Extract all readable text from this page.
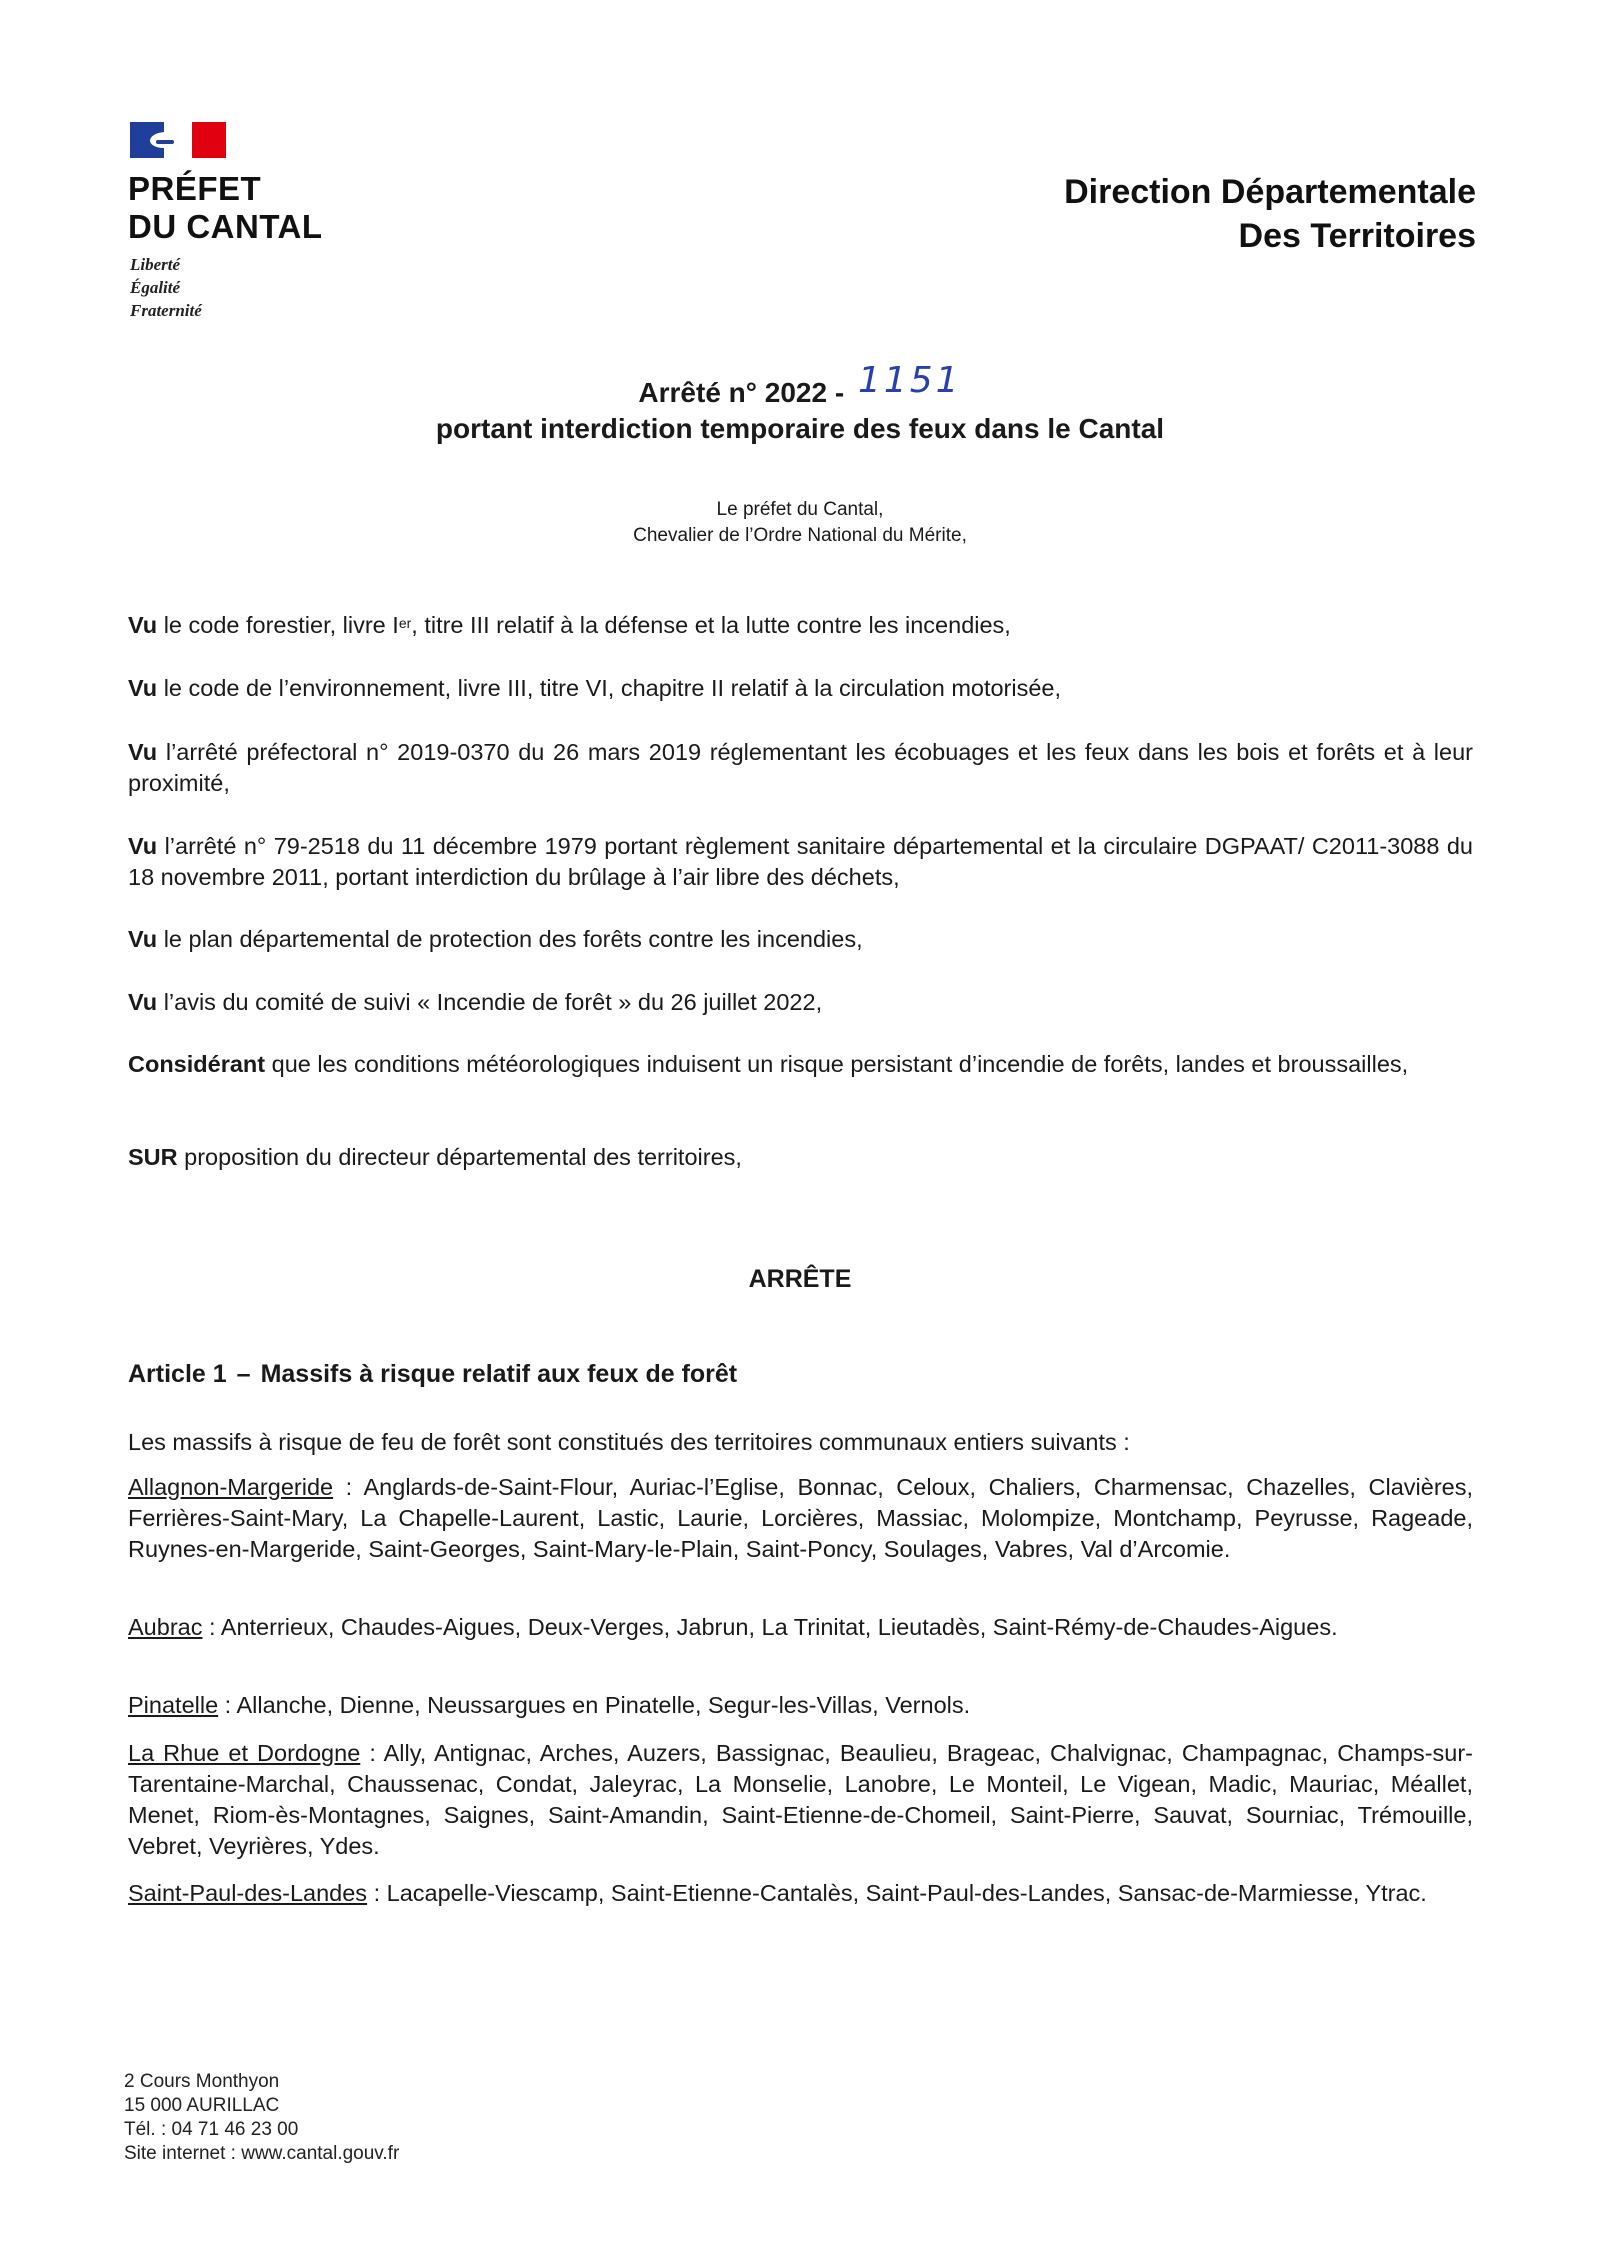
PRÉFET
DU CANTAL
Liberté
Égalité
Fraternité
Direction Départementale
Des Territoires
Arrêté n° 2022 - 1151
portant interdiction temporaire des feux dans le Cantal
Le préfet du Cantal,
Chevalier de l’Ordre National du Mérite,
Vu le code forestier, livre Ier, titre III relatif à la défense et la lutte contre les incendies,
Vu le code de l’environnement, livre III, titre VI, chapitre II relatif à la circulation motorisée,
Vu l’arrêté préfectoral n° 2019-0370 du 26 mars 2019 réglementant les écobuages et les feux dans les bois et forêts et à leur proximité,
Vu l’arrêté n° 79-2518 du 11 décembre 1979 portant règlement sanitaire départemental et la circulaire DGPAAT/ C2011-3088 du 18 novembre 2011, portant interdiction du brûlage à l’air libre des déchets,
Vu le plan départemental de protection des forêts contre les incendies,
Vu l’avis du comité de suivi « Incendie de forêt » du 26 juillet 2022,
Considérant que les conditions météorologiques induisent un risque persistant d’incendie de forêts, landes et broussailles,
SUR proposition du directeur départemental des territoires,
ARRÊTE
Article 1 – Massifs à risque relatif aux feux de forêt
Les massifs à risque de feu de forêt sont constitués des territoires communaux entiers suivants :
Allagnon-Margeride : Anglards-de-Saint-Flour, Auriac-l’Eglise, Bonnac, Celoux, Chaliers, Charmensac, Chazelles, Clavières, Ferrières-Saint-Mary, La Chapelle-Laurent, Lastic, Laurie, Lorcières, Massiac, Molompize, Montchamp, Peyrusse, Rageade, Ruynes-en-Margeride, Saint-Georges, Saint-Mary-le-Plain, Saint-Poncy, Soulages, Vabres, Val d’Arcomie.
Aubrac : Anterrieux, Chaudes-Aigues, Deux-Verges, Jabrun, La Trinitat, Lieutadès, Saint-Rémy-de-Chaudes-Aigues.
Pinatelle : Allanche, Dienne, Neussargues en Pinatelle, Segur-les-Villas, Vernols.
La Rhue et Dordogne : Ally, Antignac, Arches, Auzers, Bassignac, Beaulieu, Brageac, Chalvignac, Champagnac, Champs-sur-Tarentaine-Marchal, Chaussenac, Condat, Jaleyrac, La Monselie, Lanobre, Le Monteil, Le Vigean, Madic, Mauriac, Méallet, Menet, Riom-ès-Montagnes, Saignes, Saint-Amandin, Saint-Etienne-de-Chomeil, Saint-Pierre, Sauvat, Sourniac, Trémouille, Vebret, Veyrières, Ydes.
Saint-Paul-des-Landes : Lacapelle-Viescamp, Saint-Etienne-Cantalès, Saint-Paul-des-Landes, Sansac-de-Marmiesse, Ytrac.
2 Cours Monthyon
15 000 AURILLAC
Tél. : 04 71 46 23 00
Site internet : www.cantal.gouv.fr
